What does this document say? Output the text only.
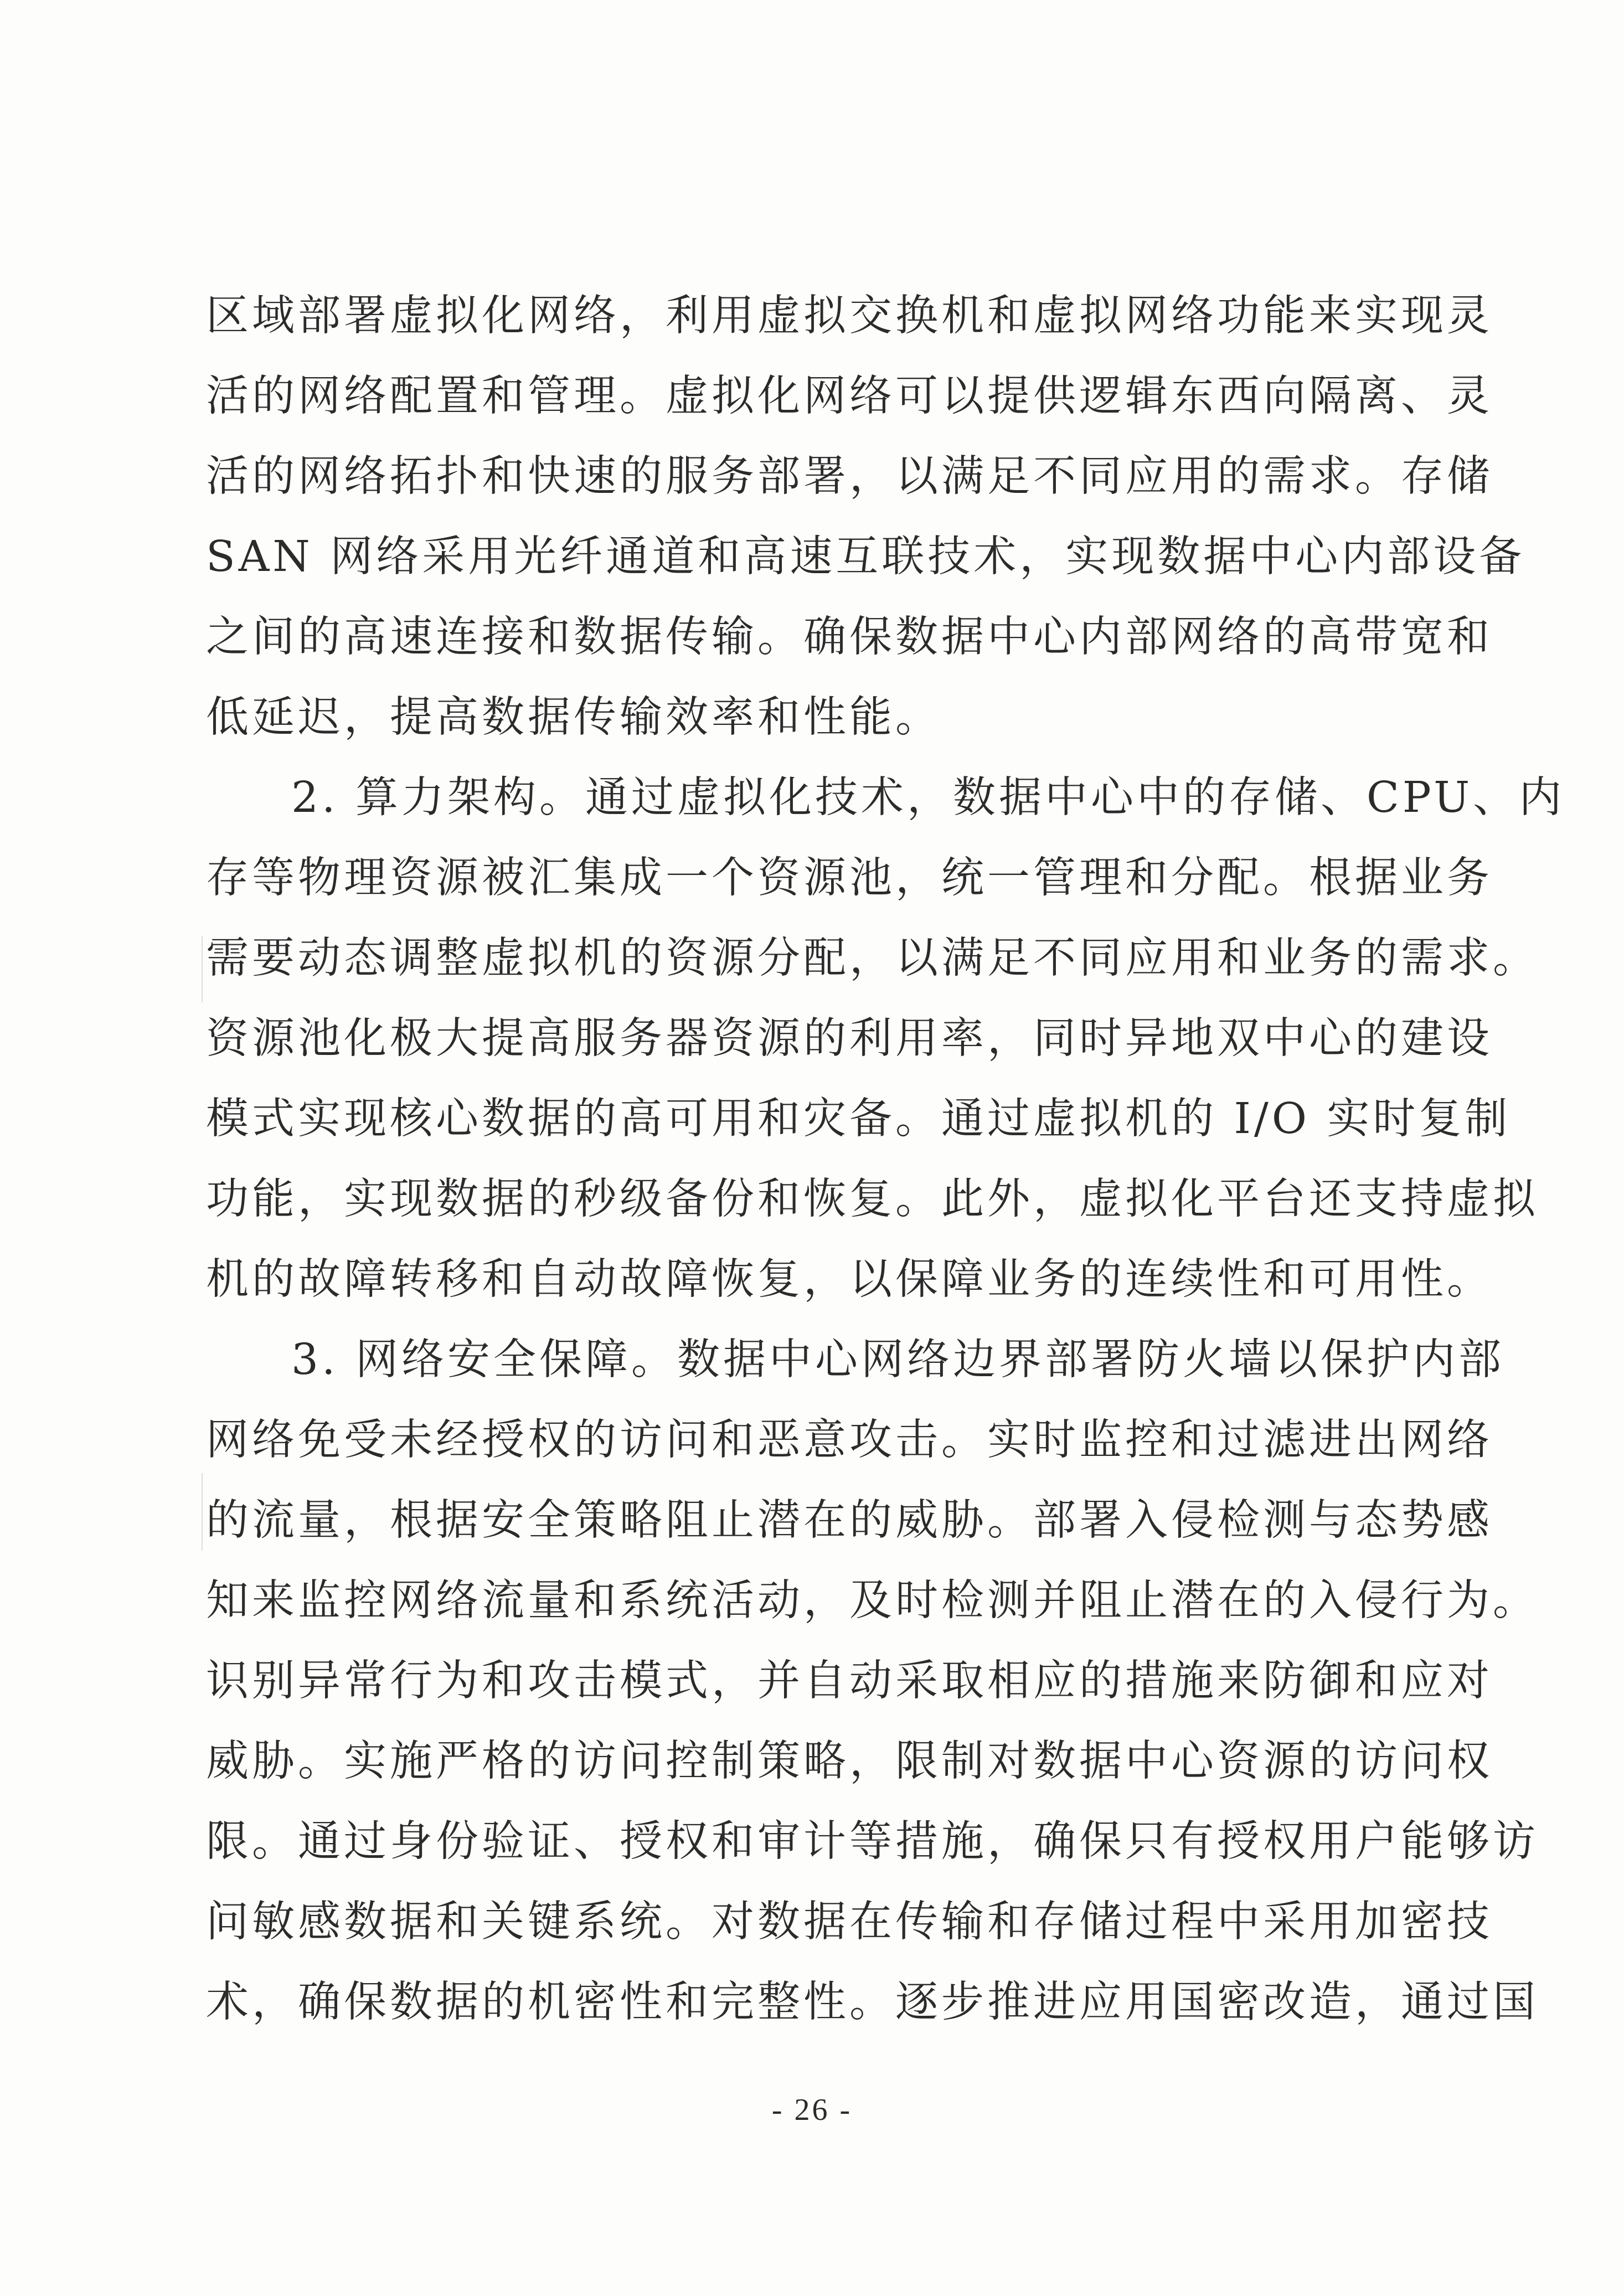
区域部署虚拟化网络，利用虚拟交换机和虚拟网络功能来实现灵
活的网络配置和管理。虚拟化网络可以提供逻辑东西向隔离、灵
活的网络拓扑和快速的服务部署，以满足不同应用的需求。存储
SAN 网络采用光纤通道和高速互联技术，实现数据中心内部设备
之间的高速连接和数据传输。确保数据中心内部网络的高带宽和
低延迟，提高数据传输效率和性能。
2. 算力架构。通过虚拟化技术，数据中心中的存储、CPU、内
存等物理资源被汇集成一个资源池，统一管理和分配。根据业务
需要动态调整虚拟机的资源分配，以满足不同应用和业务的需求。
资源池化极大提高服务器资源的利用率，同时异地双中心的建设
模式实现核心数据的高可用和灾备。通过虚拟机的 I/O 实时复制
功能，实现数据的秒级备份和恢复。此外，虚拟化平台还支持虚拟
机的故障转移和自动故障恢复，以保障业务的连续性和可用性。
3. 网络安全保障。数据中心网络边界部署防火墙以保护内部
网络免受未经授权的访问和恶意攻击。实时监控和过滤进出网络
的流量，根据安全策略阻止潜在的威胁。部署入侵检测与态势感
知来监控网络流量和系统活动，及时检测并阻止潜在的入侵行为。
识别异常行为和攻击模式，并自动采取相应的措施来防御和应对
威胁。实施严格的访问控制策略，限制对数据中心资源的访问权
限。通过身份验证、授权和审计等措施，确保只有授权用户能够访
问敏感数据和关键系统。对数据在传输和存储过程中采用加密技
术，确保数据的机密性和完整性。逐步推进应用国密改造，通过国
- 26 -
